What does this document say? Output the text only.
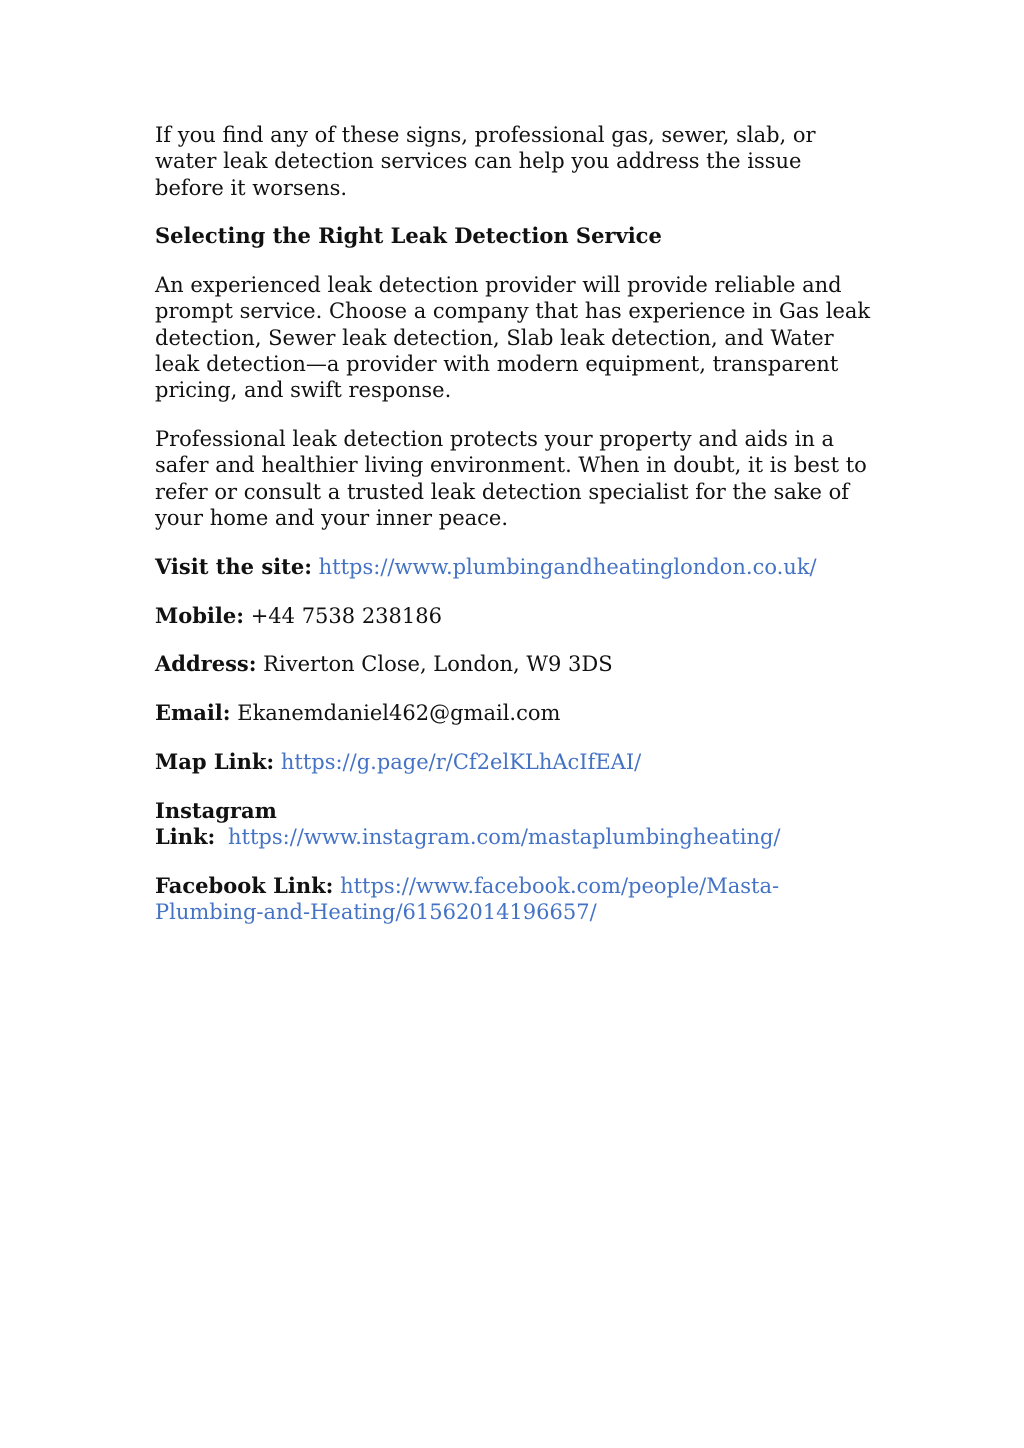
If you find any of these signs, professional gas, sewer, slab, or water leak detection services can help you address the issue before it worsens.

Selecting the Right Leak Detection Service

An experienced leak detection provider will provide reliable and prompt service. Choose a company that has experience in Gas leak detection, Sewer leak detection, Slab leak detection, and Water leak detection—a provider with modern equipment, transparent pricing, and swift response.

Professional leak detection protects your property and aids in a safer and healthier living environment. When in doubt, it is best to refer or consult a trusted leak detection specialist for the sake of your home and your inner peace.

Visit the site: https://www.plumbingandheatinglondon.co.uk/

Mobile: +44 7538 238186

Address: Riverton Close, London, W9 3DS

Email: Ekanemdaniel462@gmail.com

Map Link: https://g.page/r/Cf2elKLhAcIfEAI/

Instagram
Link: https://www.instagram.com/mastaplumbingheating/

Facebook Link: https://www.facebook.com/people/Masta-
Plumbing-and-Heating/61562014196657/
